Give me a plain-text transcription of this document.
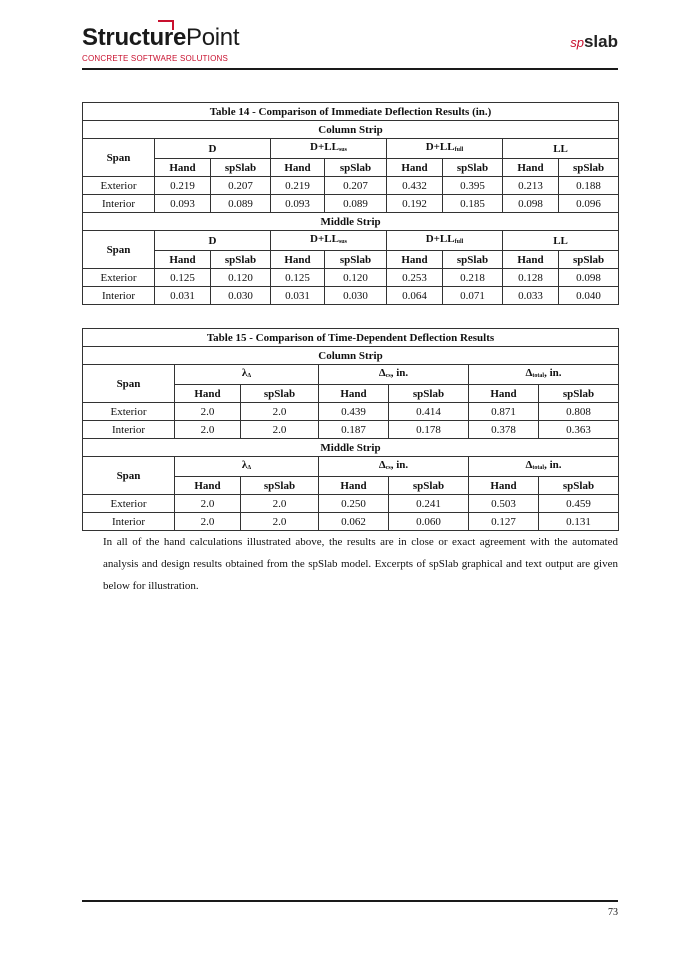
StructurePoint
CONCRETE SOFTWARE SOLUTIONS
spslab
Table 14 - Comparison of Immediate Deflection Results (in.)								
Column Strip								
Span	D		$D+LL_{sus}$		$D+LL_{full}$		LL	
	Hand	spSlab	Hand	spSlab	Hand	spSlab	Hand	spSlab
Exterior	0.219	0.207	0.219	0.207	0.432	0.395	0.213	0.188
Interior	0.093	0.089	0.093	0.089	0.192	0.185	0.098	0.096
Middle Strip								
Span	D		$D+LL_{sus}$		$D+LL_{full}$		LL	
	Hand	spSlab	Hand	spSlab	Hand	spSlab	Hand	spSlab
Exterior	0.125	0.120	0.125	0.120	0.253	0.218	0.128	0.098
Interior	0.031	0.030	0.031	0.030	0.064	0.071	0.033	0.040
Table 15 - Comparison of Time-Dependent Deflection Results						
Column Strip						
Span	$\lambda_\Delta$		$\Delta_{cs}$, in.		$\Delta_{total}$, in.	
	Hand	spSlab	Hand	spSlab	Hand	spSlab
Exterior	2.0	2.0	0.439	0.414	0.871	0.808
Interior	2.0	2.0	0.187	0.178	0.378	0.363
Middle Strip						
Span	$\lambda_\Delta$		$\Delta_{cs}$, in.		$\Delta_{total}$, in.	
	Hand	spSlab	Hand	spSlab	Hand	spSlab
Exterior	2.0	2.0	0.250	0.241	0.503	0.459
Interior	2.0	2.0	0.062	0.060	0.127	0.131
In all of the hand calculations illustrated above, the results are in close or exact agreement with the automated analysis and design results obtained from the spSlab model. Excerpts of spSlab graphical and text output are given below for illustration.
73
